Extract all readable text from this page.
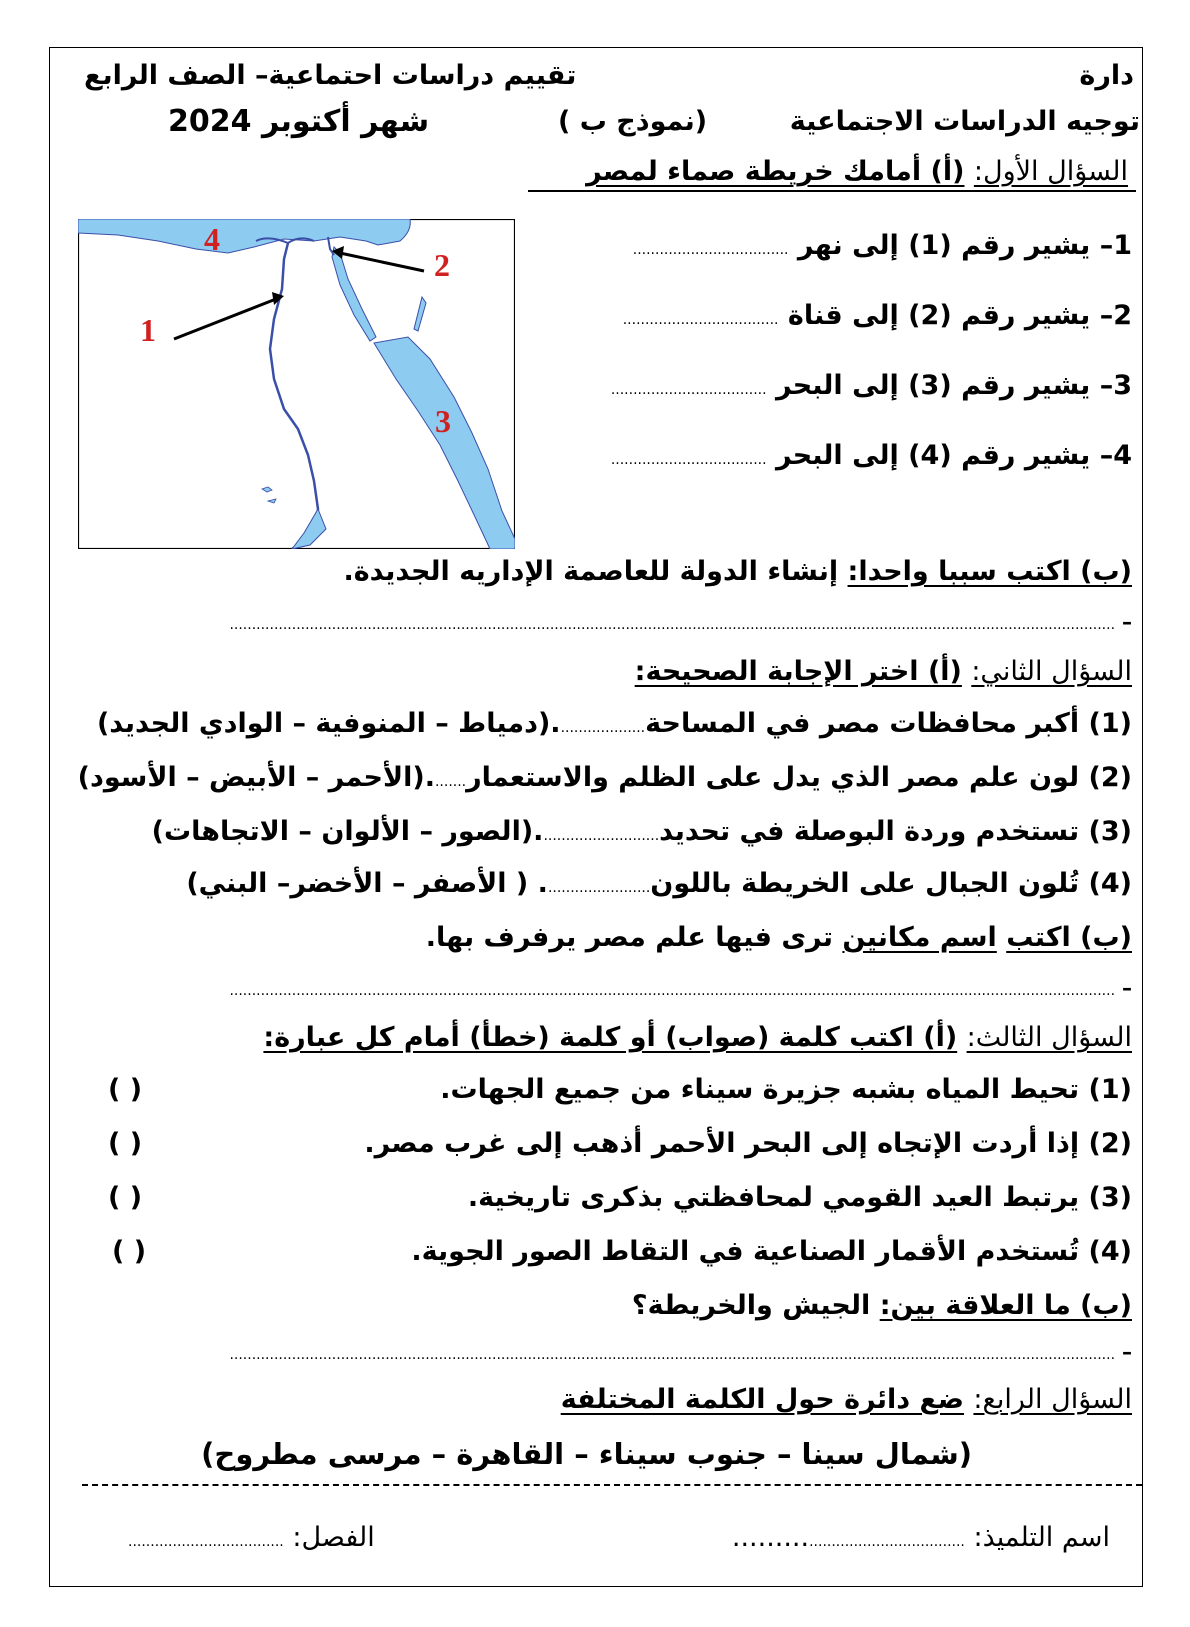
دارة
تقييم دراسات احتماعية– الصف الرابع
توجيه الدراسات الاجتماعية
(نموذج ب )
شهر أكتوبر 2024
السؤال الأول: (أ) أمامك خريطة صماء لمصر
1
2
3
4	1– يشير رقم (1) إلى نهر ...................................
2– يشير رقم (2) إلى قناة ...................................
3– يشير رقم (3) إلى البحر ...................................
4– يشير رقم (4) إلى البحر ...................................
(ب) اكتب سببا واحدا: إنشاء الدولة للعاصمة الإداريه الجديدة.
– .......................................................................................................................................................................................................
السؤال الثاني: (أ) اختر الإجابة الصحيحة:
(1) أكبر محافظات مصر في المساحة....................(دمياط – المنوفية – الوادي الجديد)
(2) لون علم مصر الذي يدل على الظلم والاستعمار........(الأحمر – الأبيض – الأسود)
(3) تستخدم وردة البوصلة في تحديد...........................(الصور – الألوان – الاتجاهات)
(4) تُلون الجبال على الخريطة باللون........................ ( الأصفر – الأخضر– البني)
(ب) اكتب اسم مكانين ترى فيها علم مصر يرفرف بها.
– .......................................................................................................................................................................................................
السؤال الثالث: (أ) اكتب كلمة (صواب) أو كلمة (خطأ) أمام كل عبارة:
(1) تحيط المياه بشبه جزيرة سيناء من جميع الجهات.
(2) إذا أردت الإتجاه إلى البحر الأحمر أذهب إلى غرب مصر.
(3) يرتبط العيد القومي لمحافظتي بذكرى تاريخية.
(4) تُستخدم الأقمار الصناعية في التقاط الصور الجوية.
( )
( )
( )
( )
(ب) ما العلاقة بين: الجيش والخريطة؟
– .......................................................................................................................................................................................................
السؤال الرابع: ضع دائرة حول الكلمة المختلفة
(شمال سينا – جنوب سيناء – القاهرة – مرسى مطروح)
اسم التلميذ: ............................................
الفصل: ...................................
